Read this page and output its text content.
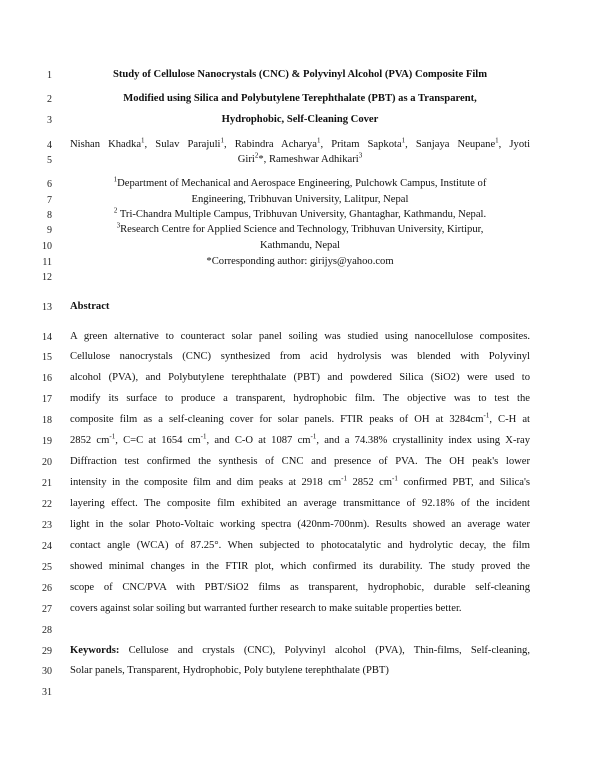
1
2
3
4
5
6
7
8
9
10
11
12
13
14
15
16
17
18
19
20
21
22
23
24
25
26
27
28
29
30
31
Study of Cellulose Nanocrystals (CNC) & Polyvinyl Alcohol (PVA) Composite Film
Modified using Silica and Polybutylene Terephthalate (PBT) as a Transparent,
Hydrophobic, Self-Cleaning Cover
Nishan Khadka$^1$, Sulav Parajuli$^1$, Rabindra Acharya$^1$, Pritam Sapkota$^1$, Sanjaya Neupane$^1$, Jyoti
Giri$^2$*, Rameshwar Adhikari$^3$
$^1$Department of Mechanical and Aerospace Engineering, Pulchowk Campus, Institute of
Engineering, Tribhuvan University, Lalitpur, Nepal
$^2$ Tri-Chandra Multiple Campus, Tribhuvan University, Ghantaghar, Kathmandu, Nepal.
$^3$Research Centre for Applied Science and Technology, Tribhuvan University, Kirtipur,
Kathmandu, Nepal
*Corresponding author: girijys@yahoo.com
Abstract
A green alternative to counteract solar panel soiling was studied using nanocellulose composites.
Cellulose nanocrystals (CNC) synthesized from acid hydrolysis was blended with Polyvinyl
alcohol (PVA), and Polybutylene terephthalate (PBT) and powdered Silica (SiO2) were used to
modify its surface to produce a transparent, hydrophobic film. The objective was to test the
composite film as a self-cleaning cover for solar panels. FTIR peaks of OH at $3284cm^{-1}$, C-H at
2852 $cm^{-1}$, C=C at 1654 $cm^{-1}$, and C-O at 1087 $cm^{-1}$, and a 74.38% crystallinity index using X-ray
Diffraction test confirmed the synthesis of CNC and presence of PVA. The OH peak's lower
intensity in the composite film and dim peaks at 2918 $cm^{-1}$ 2852 $cm^{-1}$ confirmed PBT, and Silica's
layering effect. The composite film exhibited an average transmittance of 92.18% of the incident
light in the solar Photo-Voltaic working spectra (420nm-700nm). Results showed an average water
contact angle (WCA) of 87.25°. When subjected to photocatalytic and hydrolytic decay, the film
showed minimal changes in the FTIR plot, which confirmed its durability. The study proved the
scope of CNC/PVA with PBT/SiO2 films as transparent, hydrophobic, durable self-cleaning
covers against solar soiling but warranted further research to make suitable properties better.
Keywords: Cellulose and crystals (CNC), Polyvinyl alcohol (PVA), Thin-films, Self-cleaning,
Solar panels, Transparent, Hydrophobic, Poly butylene terephthalate (PBT)
